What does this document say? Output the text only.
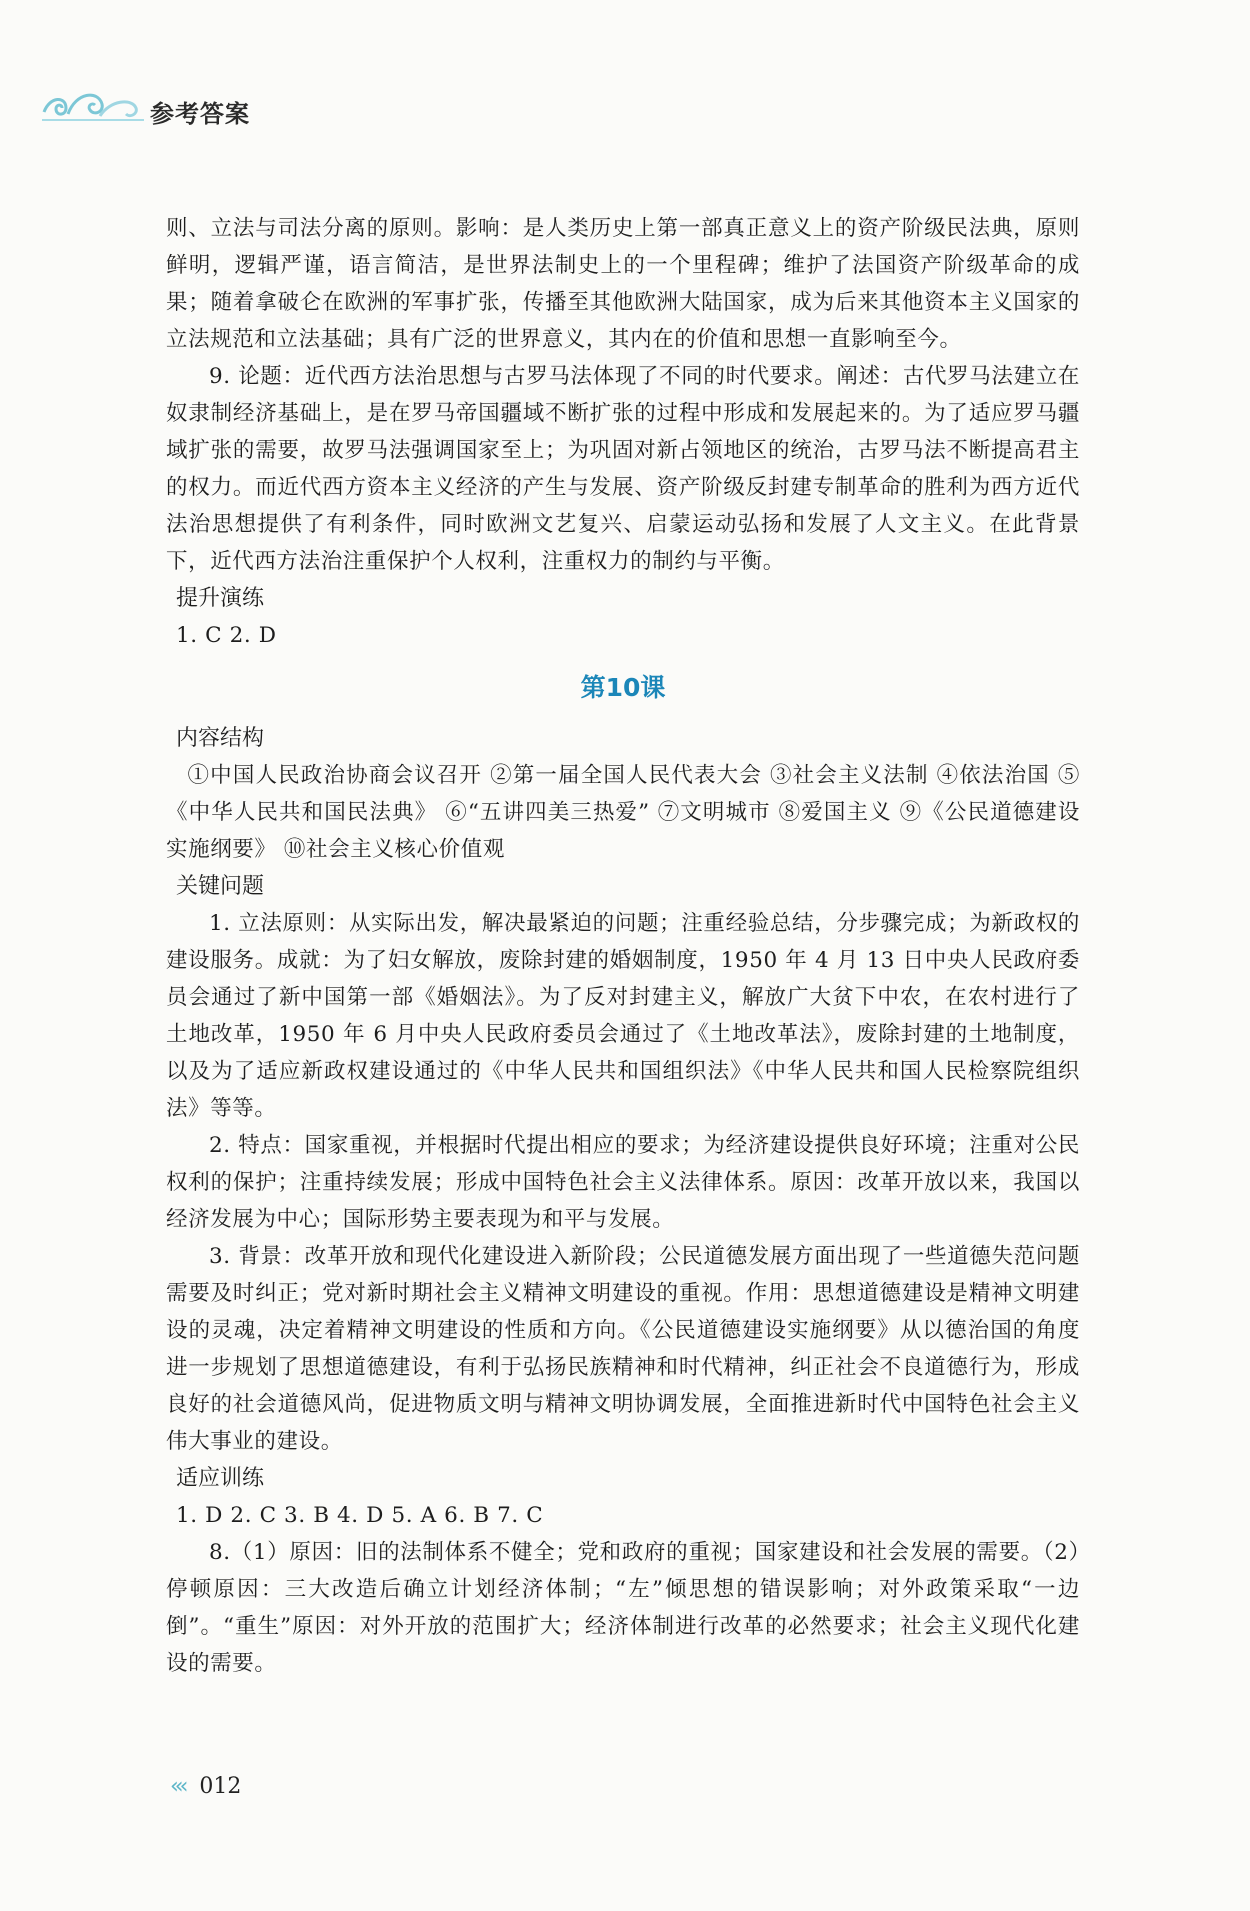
参考答案

则、立法与司法分离的原则。影响：是人类历史上第一部真正意义上的资产阶级民法典，原则鲜明，逻辑严谨，语言简洁，是世界法制史上的一个里程碑；维护了法国资产阶级革命的成果；随着拿破仑在欧洲的军事扩张，传播至其他欧洲大陆国家，成为后来其他资本主义国家的立法规范和立法基础；具有广泛的世界意义，其内在的价值和思想一直影响至今。

9. 论题：近代西方法治思想与古罗马法体现了不同的时代要求。阐述：古代罗马法建立在奴隶制经济基础上，是在罗马帝国疆域不断扩张的过程中形成和发展起来的。为了适应罗马疆域扩张的需要，故罗马法强调国家至上；为巩固对新占领地区的统治，古罗马法不断提高君主的权力。而近代西方资本主义经济的产生与发展、资产阶级反封建专制革命的胜利为西方近代法治思想提供了有利条件，同时欧洲文艺复兴、启蒙运动弘扬和发展了人文主义。在此背景下，近代西方法治注重保护个人权利，注重权力的制约与平衡。

提升演练

1. C 2. D

第10课
内容结构

①中国人民政治协商会议召开 ②第一届全国人民代表大会 ③社会主义法制 ④依法治国 ⑤《中华人民共和国民法典》 ⑥“五讲四美三热爱” ⑦文明城市 ⑧爱国主义 ⑨《公民道德建设实施纲要》 ⑩社会主义核心价值观

关键问题

1. 立法原则：从实际出发，解决最紧迫的问题；注重经验总结，分步骤完成；为新政权的建设服务。成就：为了妇女解放，废除封建的婚姻制度，1950 年 4 月 13 日中央人民政府委员会通过了新中国第一部《婚姻法》。为了反对封建主义，解放广大贫下中农，在农村进行了土地改革，1950 年 6 月中央人民政府委员会通过了《土地改革法》，废除封建的土地制度，以及为了适应新政权建设通过的《中华人民共和国组织法》《中华人民共和国人民检察院组织法》等等。

2. 特点：国家重视，并根据时代提出相应的要求；为经济建设提供良好环境；注重对公民权利的保护；注重持续发展；形成中国特色社会主义法律体系。原因：改革开放以来，我国以经济发展为中心；国际形势主要表现为和平与发展。

3. 背景：改革开放和现代化建设进入新阶段；公民道德发展方面出现了一些道德失范问题需要及时纠正；党对新时期社会主义精神文明建设的重视。作用：思想道德建设是精神文明建设的灵魂，决定着精神文明建设的性质和方向。《公民道德建设实施纲要》从以德治国的角度进一步规划了思想道德建设，有利于弘扬民族精神和时代精神，纠正社会不良道德行为，形成良好的社会道德风尚，促进物质文明与精神文明协调发展，全面推进新时代中国特色社会主义伟大事业的建设。

适应训练

1. D 2. C 3. B 4. D 5. A 6. B 7. C

8.（1）原因：旧的法制体系不健全；党和政府的重视；国家建设和社会发展的需要。（2）停顿原因：三大改造后确立计划经济体制；“左”倾思想的错误影响；对外政策采取“一边倒”。“重生”原因：对外开放的范围扩大；经济体制进行改革的必然要求；社会主义现代化建设的需要。

‹‹‹ 012
